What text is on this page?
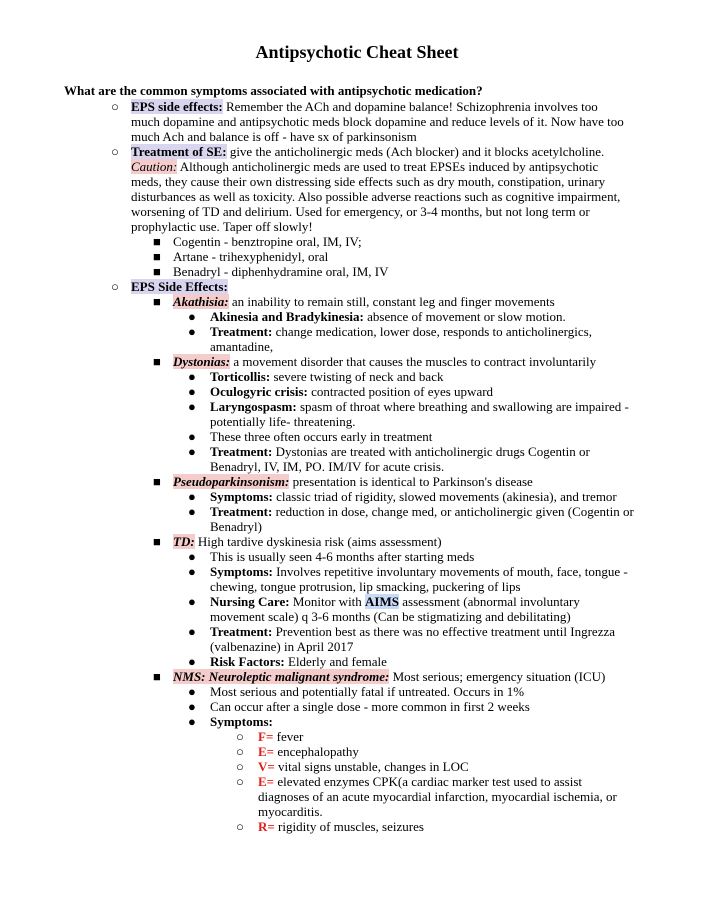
Antipsychotic Cheat Sheet
What are the common symptoms associated with antipsychotic medication?
○ EPS side effects: Remember the ACh and dopamine balance! Schizophrenia involves too much dopamine and antipsychotic meds block dopamine and reduce levels of it. Now have too much Ach and balance is off - have sx of parkinsonism
○ Treatment of SE: give the anticholinergic meds (Ach blocker) and it blocks acetylcholine. Caution: Although anticholinergic meds are used to treat EPSEs induced by antipsychotic meds, they cause their own distressing side effects such as dry mouth, constipation, urinary disturbances as well as toxicity. Also possible adverse reactions such as cognitive impairment, worsening of TD and delirium. Used for emergency, or 3-4 months, but not long term or prophylactic use. Taper off slowly!
■ Cogentin - benztropine oral, IM, IV;
■ Artane - trihexyphenidyl, oral
■ Benadryl - diphenhydramine oral, IM, IV
○ EPS Side Effects:
■ Akathisia: an inability to remain still, constant leg and finger movements
● Akinesia and Bradykinesia: absence of movement or slow motion.
● Treatment: change medication, lower dose, responds to anticholinergics, amantadine,
■ Dystonias: a movement disorder that causes the muscles to contract involuntarily
● Torticollis: severe twisting of neck and back
● Oculogyric crisis: contracted position of eyes upward
● Laryngospasm: spasm of throat where breathing and swallowing are impaired - potentially life- threatening.
● These three often occurs early in treatment
● Treatment: Dystonias are treated with anticholinergic drugs Cogentin or Benadryl, IV, IM, PO. IM/IV for acute crisis.
■ Pseudoparkinsonism: presentation is identical to Parkinson's disease
● Symptoms: classic triad of rigidity, slowed movements (akinesia), and tremor
● Treatment: reduction in dose, change med, or anticholinergic given (Cogentin or Benadryl)
■ TD: High tardive dyskinesia risk (aims assessment)
● This is usually seen 4-6 months after starting meds
● Symptoms: Involves repetitive involuntary movements of mouth, face, tongue -chewing, tongue protrusion, lip smacking, puckering of lips
● Nursing Care: Monitor with AIMS assessment (abnormal involuntary movement scale) q 3-6 months (Can be stigmatizing and debilitating)
● Treatment: Prevention best as there was no effective treatment until Ingrezza (valbenazine) in April 2017
● Risk Factors: Elderly and female
■ NMS: Neuroleptic malignant syndrome: Most serious; emergency situation (ICU)
● Most serious and potentially fatal if untreated. Occurs in 1%
● Can occur after a single dose - more common in first 2 weeks
● Symptoms:
○ F= fever
○ E= encephalopathy
○ V= vital signs unstable, changes in LOC
○ E= elevated enzymes CPK(a cardiac marker test used to assist diagnoses of an acute myocardial infarction, myocardial ischemia, or myocarditis.
○ R= rigidity of muscles, seizures
